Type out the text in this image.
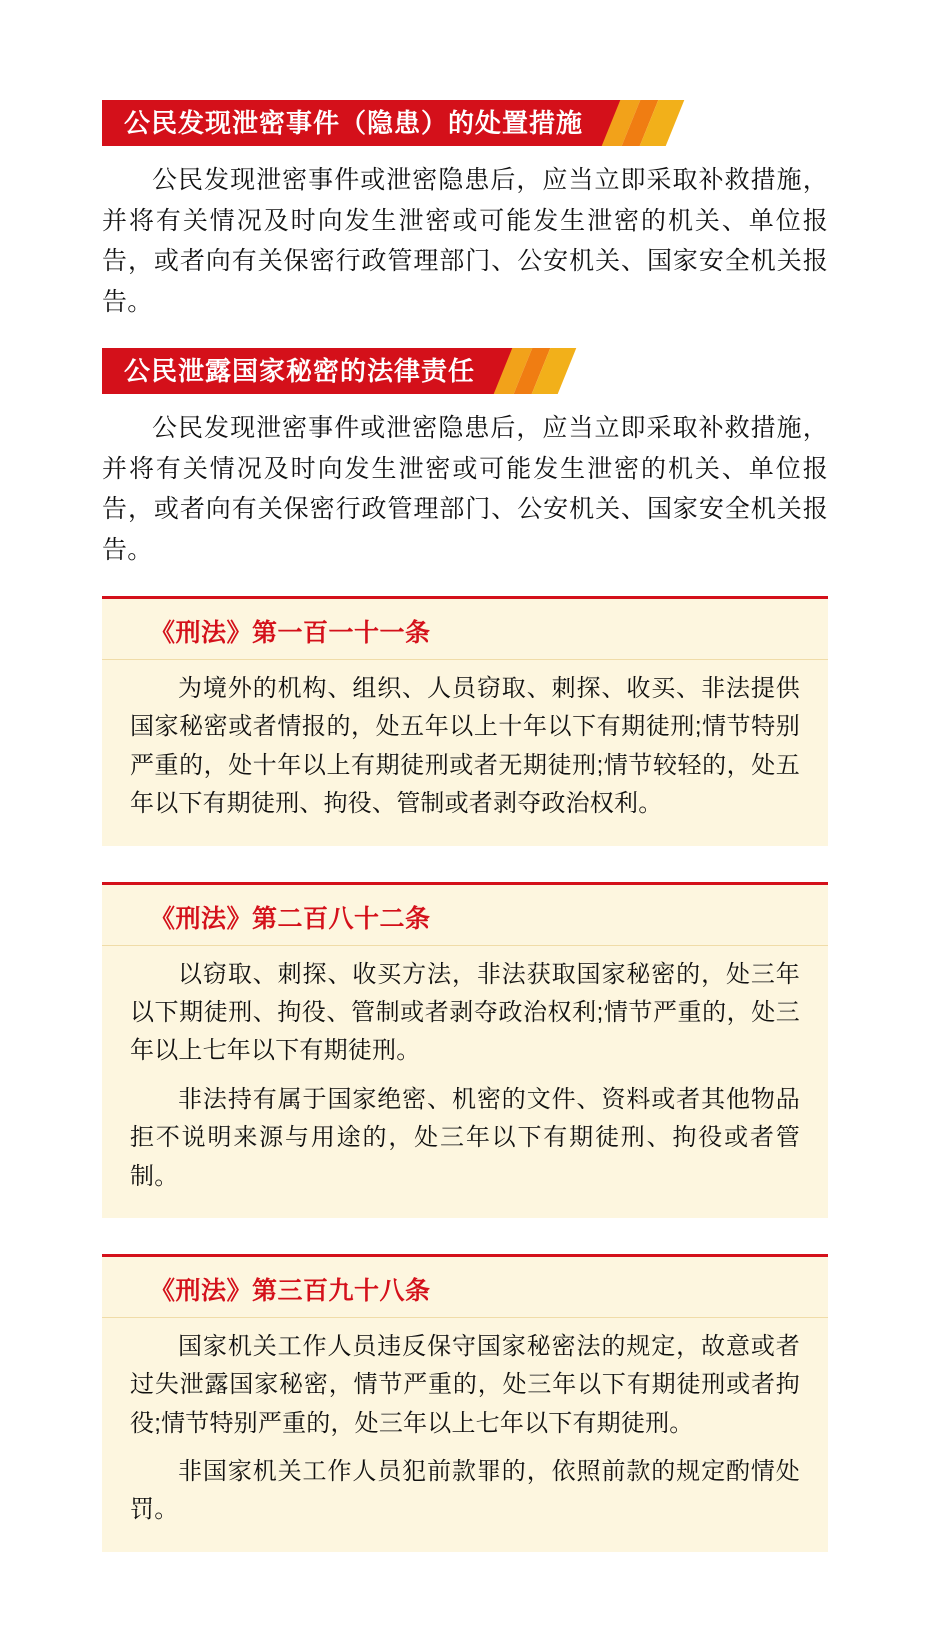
公民发现泄密事件（隐患）的处置措施

公民发现泄密事件或泄密隐患后，应当立即采取补救措施，并将有关情况及时向发生泄密或可能发生泄密的机关、单位报告，或者向有关保密行政管理部门、公安机关、国家安全机关报告。

公民泄露国家秘密的法律责任

公民发现泄密事件或泄密隐患后，应当立即采取补救措施，并将有关情况及时向发生泄密或可能发生泄密的机关、单位报告，或者向有关保密行政管理部门、公安机关、国家安全机关报告。

《刑法》第一百一十一条

为境外的机构、组织、人员窃取、刺探、收买、非法提供国家秘密或者情报的，处五年以上十年以下有期徒刑;情节特别严重的，处十年以上有期徒刑或者无期徒刑;情节较轻的，处五年以下有期徒刑、拘役、管制或者剥夺政治权利。

《刑法》第二百八十二条

以窃取、刺探、收买方法，非法获取国家秘密的，处三年以下期徒刑、拘役、管制或者剥夺政治权利;情节严重的，处三年以上七年以下有期徒刑。

非法持有属于国家绝密、机密的文件、资料或者其他物品拒不说明来源与用途的，处三年以下有期徒刑、拘役或者管制。

《刑法》第三百九十八条

国家机关工作人员违反保守国家秘密法的规定，故意或者过失泄露国家秘密，情节严重的，处三年以下有期徒刑或者拘役;情节特别严重的，处三年以上七年以下有期徒刑。

非国家机关工作人员犯前款罪的，依照前款的规定酌情处罚。
